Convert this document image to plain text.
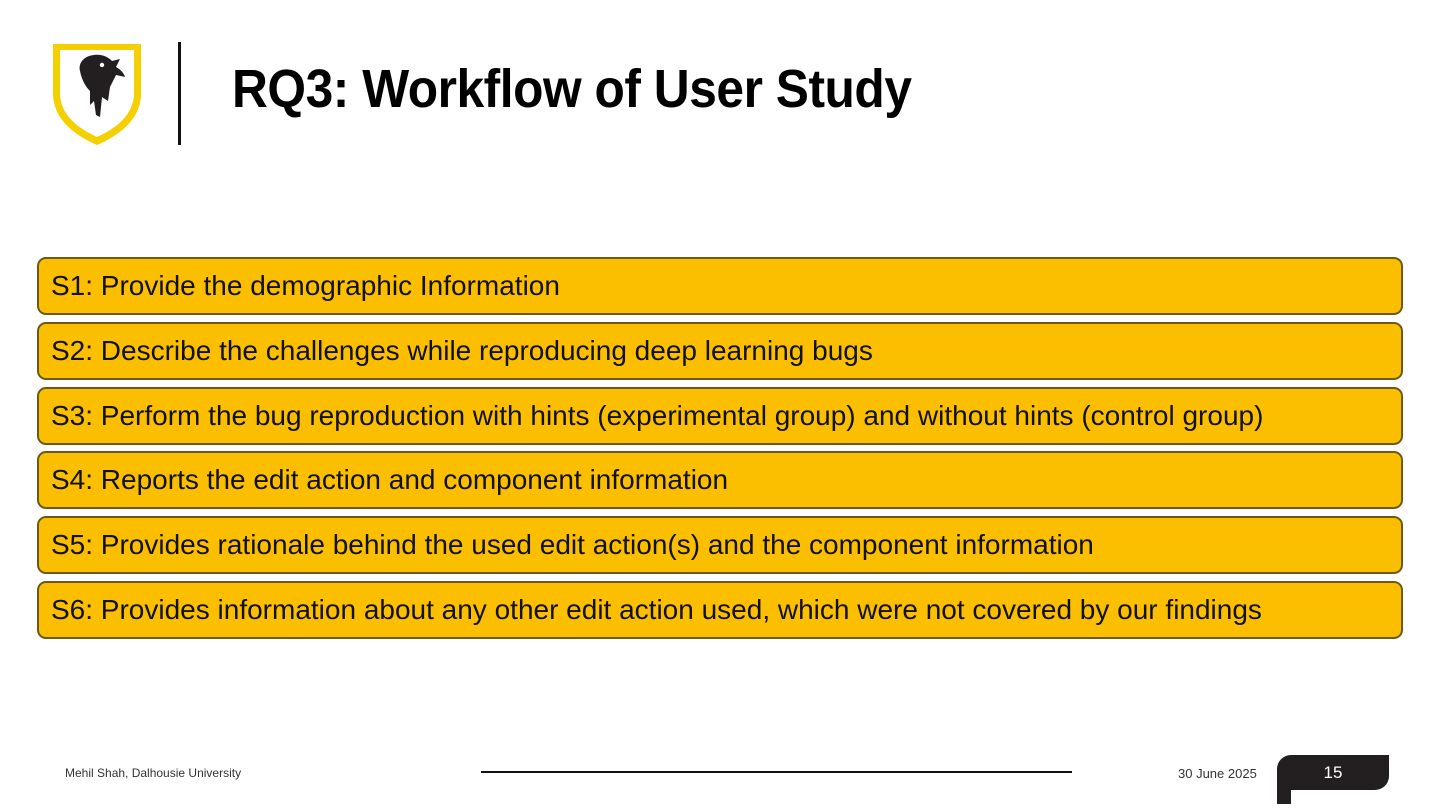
RQ3: Workflow of User Study
S1 : Provide the demographic Information
S2 : Describe the challenges while reproducing deep learning bugs
S3 : Perform the bug reproduction with hints (experimental group) and without hints (control group)
S4 : Reports the edit action and component information
S5 : Provides rationale behind the used edit action(s) and the component information
S6 : Provides information about any other edit action used, which were not covered by our findings
Mehil Shah, Dalhousie University	30 June 2025	15
